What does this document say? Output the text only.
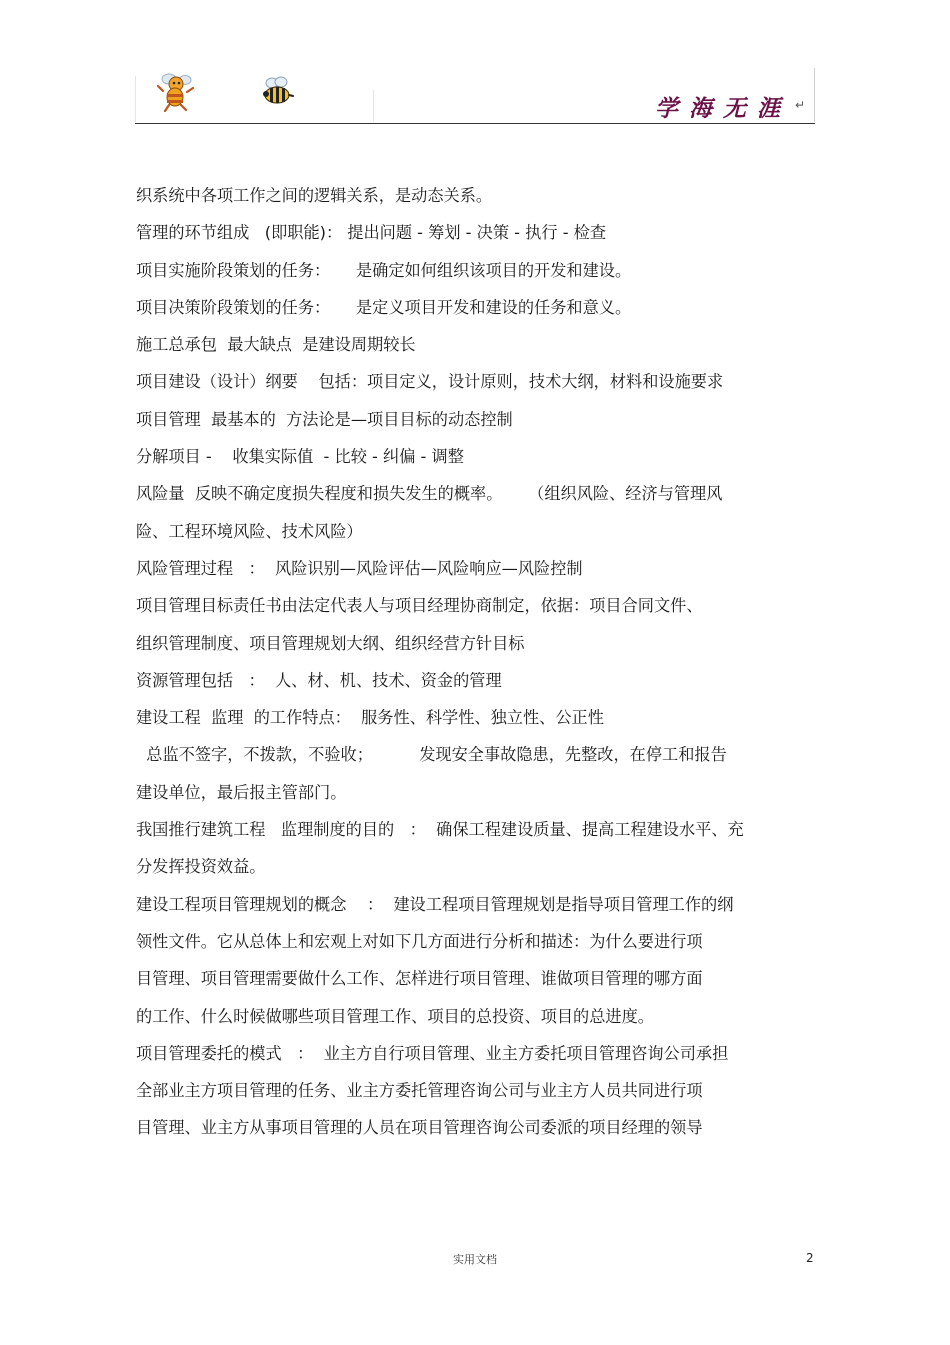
学海无涯 ↵
织系统中各项工作之间的逻辑关系，是动态关系。
管理的环节组成   (即职能)： 提出问题 - 筹划 - 决策 - 执行 - 检查
项目实施阶段策划的任务：     是确定如何组织该项目的开发和建设。
项目决策阶段策划的任务：     是定义项目开发和建设的任务和意义。
施工总承包  最大缺点  是建设周期较长
项目建设（设计）纲要    包括：项目定义，设计原则，技术大纲，材料和设施要求
项目管理  最基本的  方法论是—项目目标的动态控制
分解项目 -    收集实际值  - 比较 - 纠偏 - 调整
风险量  反映不确定度损失程度和损失发生的概率。     （组织风险、经济与管理风
险、工程环境风险、技术风险）
风险管理过程   ：  风险识别—风险评估—风险响应—风险控制
项目管理目标责任书由法定代表人与项目经理协商制定，依据：项目合同文件、
组织管理制度、项目管理规划大纲、组织经营方针目标
资源管理包括   ：  人、材、机、技术、资金的管理
建设工程  监理  的工作特点：  服务性、科学性、独立性、公正性
总监不签字，不拨款，不验收；         发现安全事故隐患，先整改，在停工和报告
建设单位，最后报主管部门。
我国推行建筑工程   监理制度的目的   ：  确保工程建设质量、提高工程建设水平、充
分发挥投资效益。
建设工程项目管理规划的概念    ：  建设工程项目管理规划是指导项目管理工作的纲
领性文件。它从总体上和宏观上对如下几方面进行分析和描述：为什么要进行项
目管理、项目管理需要做什么工作、怎样进行项目管理、谁做项目管理的哪方面
的工作、什么时候做哪些项目管理工作、项目的总投资、项目的总进度。
项目管理委托的模式   ：  业主方自行项目管理、业主方委托项目管理咨询公司承担
全部业主方项目管理的任务、业主方委托管理咨询公司与业主方人员共同进行项
目管理、业主方从事项目管理的人员在项目管理咨询公司委派的项目经理的领导
实用文档	2
